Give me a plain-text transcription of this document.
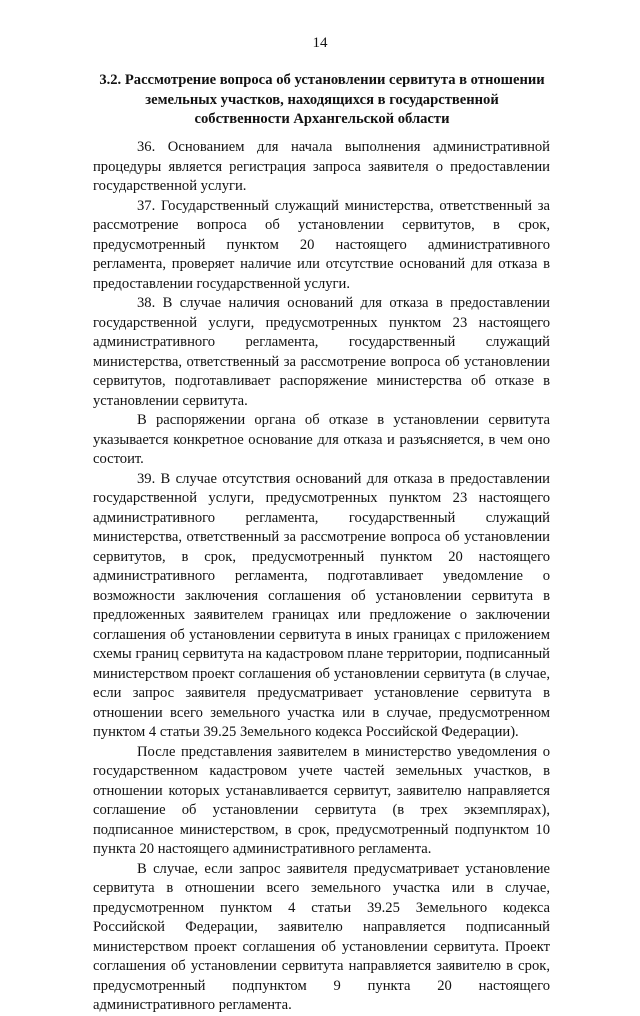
14
3.2. Рассмотрение вопроса об установлении сервитута в отношении земельных участков, находящихся в государственной собственности Архангельской области

36. Основанием для начала выполнения административной процедуры является регистрация запроса заявителя о предоставлении государственной услуги.

37. Государственный служащий министерства, ответственный за рассмотрение вопроса об установлении сервитутов, в срок, предусмотренный пунктом 20 настоящего административного регламента, проверяет наличие или отсутствие оснований для отказа в предоставлении государственной услуги.

38. В случае наличия оснований для отказа в предоставлении государственной услуги, предусмотренных пунктом 23 настоящего административного регламента, государственный служащий министерства, ответственный за рассмотрение вопроса об установлении сервитутов, подготавливает распоряжение министерства об отказе в установлении сервитута.

В распоряжении органа об отказе в установлении сервитута указывается конкретное основание для отказа и разъясняется, в чем оно состоит.

39. В случае отсутствия оснований для отказа в предоставлении государственной услуги, предусмотренных пунктом 23 настоящего административного регламента, государственный служащий министерства, ответственный за рассмотрение вопроса об установлении сервитутов, в срок, предусмотренный пунктом 20 настоящего административного регламента, подготавливает уведомление о возможности заключения соглашения об установлении сервитута в предложенных заявителем границах или предложение о заключении соглашения об установлении сервитута в иных границах с приложением схемы границ сервитута на кадастровом плане территории, подписанный министерством проект соглашения об установлении сервитута (в случае, если запрос заявителя предусматривает установление сервитута в отношении всего земельного участка или в случае, предусмотренном пунктом 4 статьи 39.25 Земельного кодекса Российской Федерации).

После представления заявителем в министерство уведомления о государственном кадастровом учете частей земельных участков, в отношении которых устанавливается сервитут, заявителю направляется соглашение об установлении сервитута (в трех экземплярах), подписанное министерством, в срок, предусмотренный подпунктом 10 пункта 20 настоящего административного регламента.

В случае, если запрос заявителя предусматривает установление сервитута в отношении всего земельного участка или в случае, предусмотренном пунктом 4 статьи 39.25 Земельного кодекса Российской Федерации, заявителю направляется подписанный министерством проект соглашения об установлении сервитута. Проект соглашения об установлении сервитута направляется заявителю в срок, предусмотренный подпунктом 9 пункта 20 настоящего административного регламента.
